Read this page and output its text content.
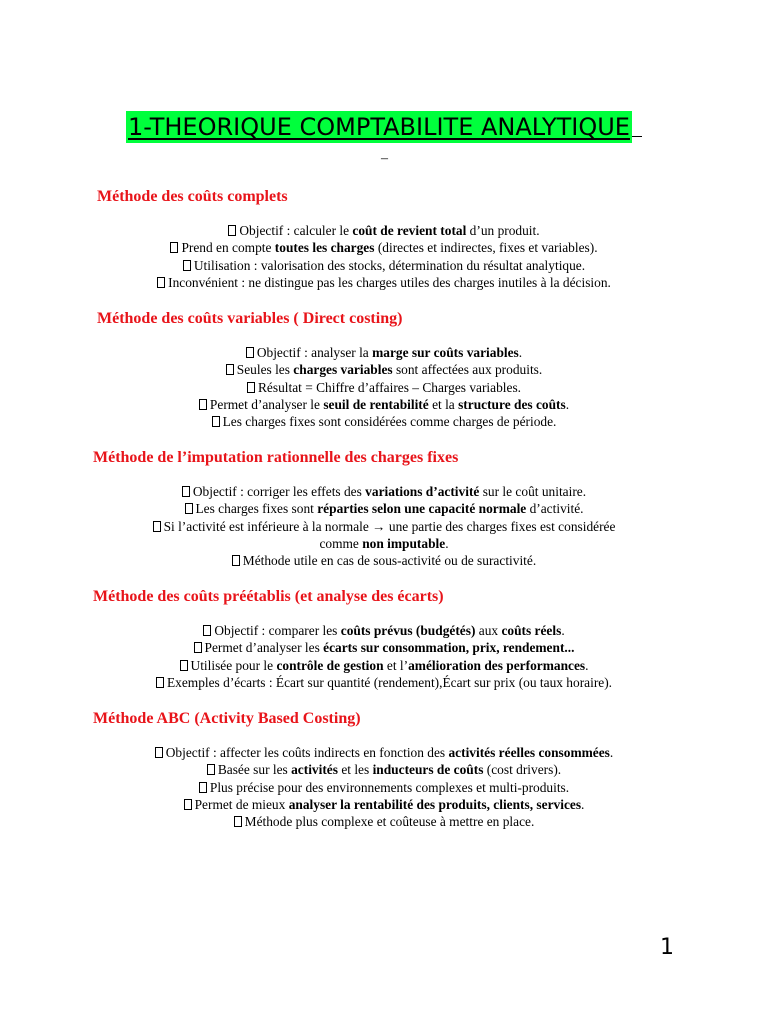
1-THEORIQUE COMPTABILITE ANALYTIQUE
–
Méthode des coûts complets
Objectif : calculer le coût de revient total d’un produit.
Prend en compte toutes les charges (directes et indirectes, fixes et variables).
Utilisation : valorisation des stocks, détermination du résultat analytique.
Inconvénient : ne distingue pas les charges utiles des charges inutiles à la décision.
Méthode des coûts variables ( Direct costing)
Objectif : analyser la marge sur coûts variables.
Seules les charges variables sont affectées aux produits.
Résultat = Chiffre d’affaires – Charges variables.
Permet d’analyser le seuil de rentabilité et la structure des coûts.
Les charges fixes sont considérées comme charges de période.
Méthode de l’imputation rationnelle des charges fixes
Objectif : corriger les effets des variations d’activité sur le coût unitaire.
Les charges fixes sont réparties selon une capacité normale d’activité.
Si l’activité est inférieure à la normale → une partie des charges fixes est considérée
comme non imputable.
Méthode utile en cas de sous-activité ou de suractivité.
Méthode des coûts préétablis (et analyse des écarts)
Objectif : comparer les coûts prévus (budgétés) aux coûts réels.
Permet d’analyser les écarts sur consommation, prix, rendement...
Utilisée pour le contrôle de gestion et l’amélioration des performances.
Exemples d’écarts : Écart sur quantité (rendement),Écart sur prix (ou taux horaire).
Méthode ABC (Activity Based Costing)
Objectif : affecter les coûts indirects en fonction des activités réelles consommées.
Basée sur les activités et les inducteurs de coûts (cost drivers).
Plus précise pour des environnements complexes et multi-produits.
Permet de mieux analyser la rentabilité des produits, clients, services.
Méthode plus complexe et coûteuse à mettre en place.
1
